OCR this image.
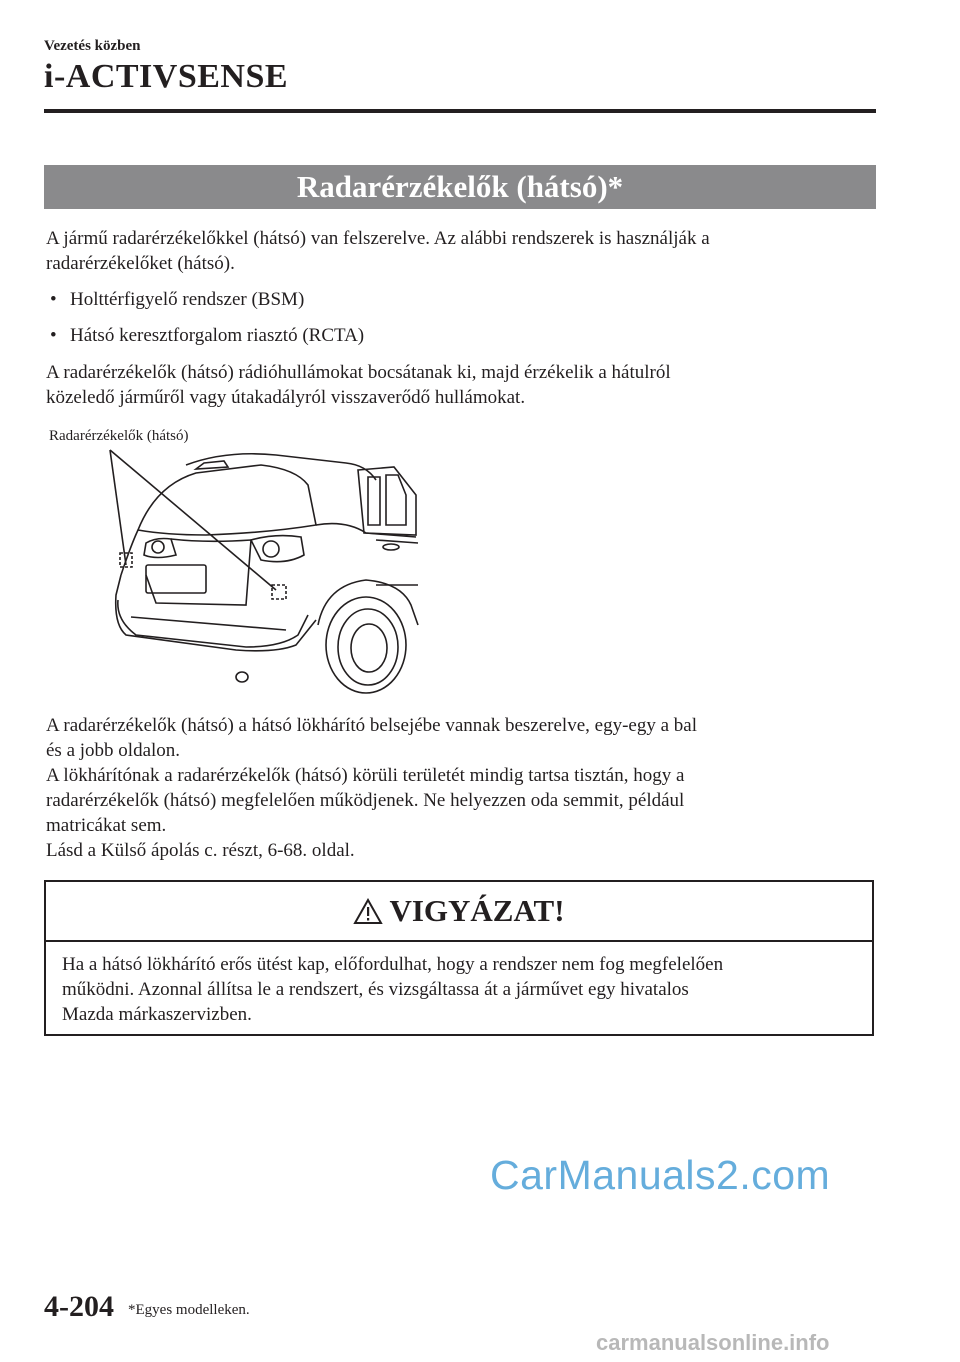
Vezetés közben
i-ACTIVSENSE
Radarérzékelők (hátsó)*
A jármű radarérzékelőkkel (hátsó) van felszerelve. Az alábbi rendszerek is használják a
radarérzékelőket (hátsó).
• Holttérfigyelő rendszer (BSM)
• Hátsó keresztforgalom riasztó (RCTA)
A radarérzékelők (hátsó) rádióhullámokat bocsátanak ki, majd érzékelik a hátulról
közeledő járműről vagy útakadályról visszaverődő hullámokat.
Radarérzékelők (hátsó)
A radarérzékelők (hátsó) a hátsó lökhárító belsejébe vannak beszerelve, egy-egy a bal
és a jobb oldalon.
A lökhárítónak a radarérzékelők (hátsó) körüli területét mindig tartsa tisztán, hogy a
radarérzékelők (hátsó) megfelelően működjenek. Ne helyezzen oda semmit, például
matricákat sem.
Lásd a Külső ápolás c. részt, 6-68. oldal.
VIGYÁZAT!
Ha a hátsó lökhárító erős ütést kap, előfordulhat, hogy a rendszer nem fog megfelelően
működni. Azonnal állítsa le a rendszert, és vizsgáltassa át a járművet egy hivatalos
Mazda márkaszervizben.
CarManuals2.com
4-204 *Egyes modelleken.
carmanualsonline.info
